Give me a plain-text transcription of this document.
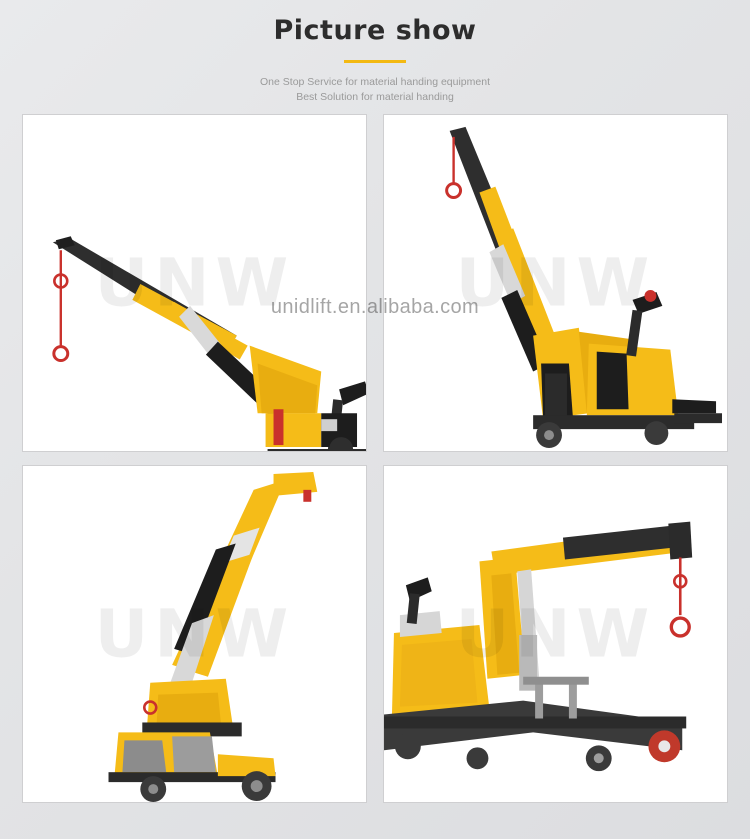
Picture show
One Stop Service for material handing equipment
Best Solution for material handing
unidlift.en.alibaba.com
